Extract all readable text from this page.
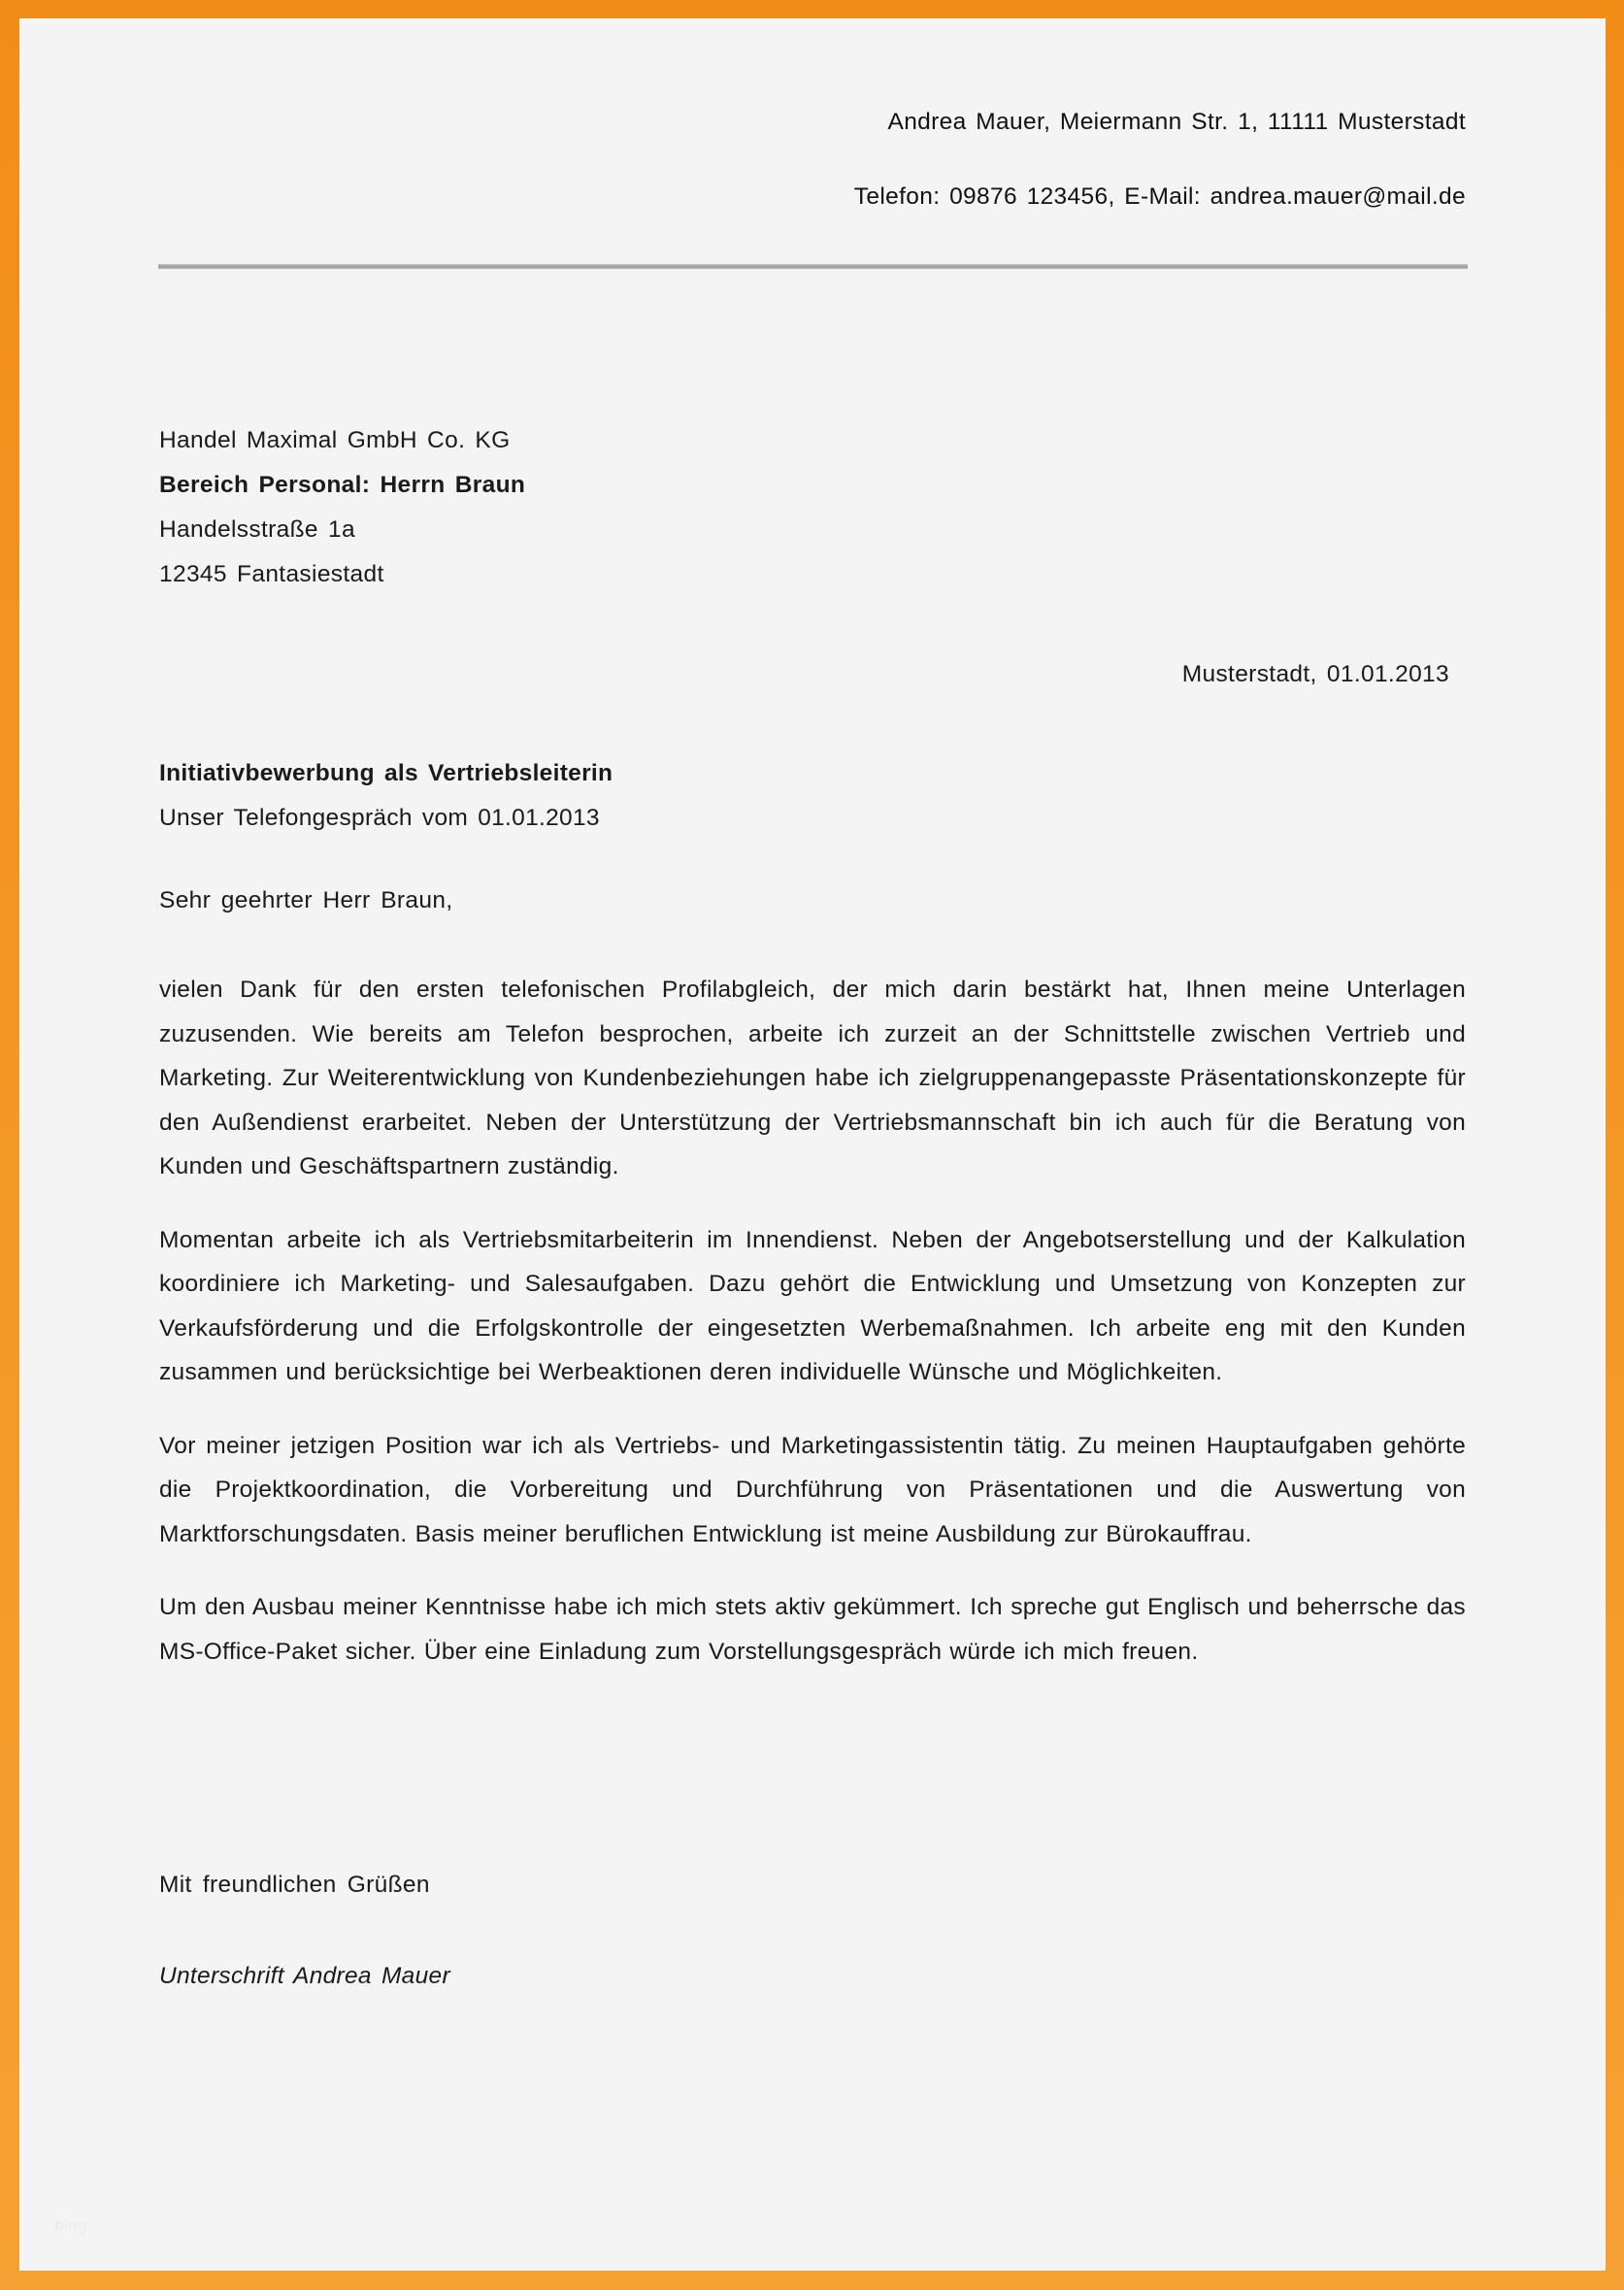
Andrea Mauer, Meiermann Str. 1, 11111 Musterstadt
Telefon: 09876 123456, E-Mail: andrea.mauer@mail.de
Handel Maximal GmbH Co. KG
Bereich Personal: Herrn Braun
Handelsstraße 1a
12345 Fantasiestadt
Musterstadt, 01.01.2013
Initiativbewerbung als Vertriebsleiterin
Unser Telefongespräch vom 01.01.2013
Sehr geehrter Herr Braun,

vielen Dank für den ersten telefonischen Profilabgleich, der mich darin bestärkt hat, Ihnen meine Unterlagen zuzusenden. Wie bereits am Telefon besprochen, arbeite ich zurzeit an der Schnittstelle zwischen Vertrieb und Marketing. Zur Weiterentwicklung von Kundenbeziehungen habe ich zielgruppenangepasste Präsentationskonzepte für den Außendienst erarbeitet. Neben der Unterstützung der Vertriebsmannschaft bin ich auch für die Beratung von Kunden und Geschäftspartnern zuständig.

Momentan arbeite ich als Vertriebsmitarbeiterin im Innendienst. Neben der Angebotserstellung und der Kalkulation koordiniere ich Marketing- und Salesaufgaben. Dazu gehört die Entwicklung und Umsetzung von Konzepten zur Verkaufsförderung und die Erfolgskontrolle der eingesetzten Werbemaßnahmen. Ich arbeite eng mit den Kunden zusammen und berücksichtige bei Werbeaktionen deren individuelle Wünsche und Möglichkeiten.

Vor meiner jetzigen Position war ich als Vertriebs- und Marketingassistentin tätig. Zu meinen Hauptaufgaben gehörte die Projektkoordination, die Vorbereitung und Durchführung von Präsentationen und die Auswertung von Marktforschungsdaten. Basis meiner beruflichen Entwicklung ist meine Ausbildung zur Bürokauffrau.

Um den Ausbau meiner Kenntnisse habe ich mich stets aktiv gekümmert. Ich spreche gut Englisch und beherrsche das MS-Office-Paket sicher. Über eine Einladung zum Vorstellungsgespräch würde ich mich freuen.

Mit freundlichen Grüßen
Unterschrift Andrea Mauer
blog
